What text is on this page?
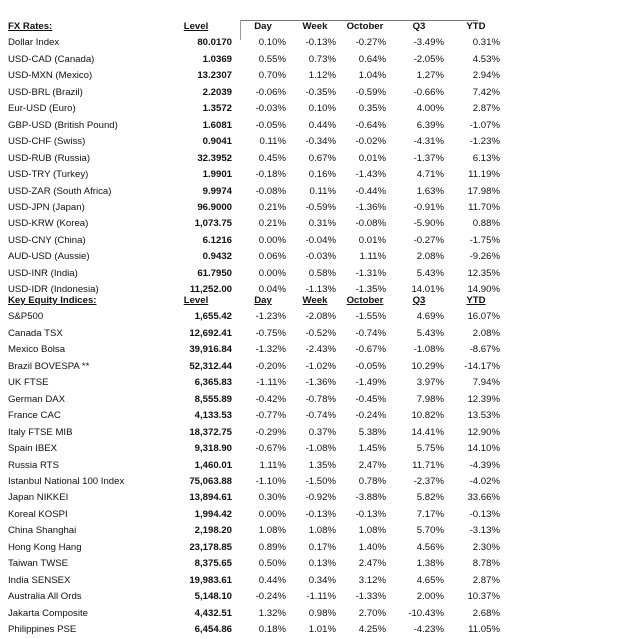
FX Rates:	Level	Day	Week	October	Q3	YTD
Dollar Index	80.0170	0.10%	-0.13%	-0.27%	-3.49%	0.31%
USD-CAD (Canada)	1.0369	0.55%	0.73%	0.64%	-2.05%	4.53%
USD-MXN (Mexico)	13.2307	0.70%	1.12%	1.04%	1.27%	2.94%
USD-BRL (Brazil)	2.2039	-0.06%	-0.35%	-0.59%	-0.66%	7.42%
Eur-USD (Euro)	1.3572	-0.03%	0.10%	0.35%	4.00%	2.87%
GBP-USD (British Pound)	1.6081	-0.05%	0.44%	-0.64%	6.39%	-1.07%
USD-CHF (Swiss)	0.9041	0.11%	-0.34%	-0.02%	-4.31%	-1.23%
USD-RUB (Russia)	32.3952	0.45%	0.67%	0.01%	-1.37%	6.13%
USD-TRY (Turkey)	1.9901	-0.18%	0.16%	-1.43%	4.71%	11.19%
USD-ZAR (South Africa)	9.9974	-0.08%	0.11%	-0.44%	1.63%	17.98%
USD-JPN (Japan)	96.9000	0.21%	-0.59%	-1.36%	-0.91%	11.70%
USD-KRW (Korea)	1,073.75	0.21%	0.31%	-0.08%	-5.90%	0.88%
USD-CNY (China)	6.1216	0.00%	-0.04%	0.01%	-0.27%	-1.75%
AUD-USD (Aussie)	0.9432	0.06%	-0.03%	1.11%	2.08%	-9.26%
USD-INR (India)	61.7950	0.00%	0.58%	-1.31%	5.43%	12.35%
USD-IDR (Indonesia)	11,252.00	0.04%	-1.13%	-1.35%	14.01%	14.90%
Key Equity Indices:	Level	Day	Week	October	Q3	YTD
S&P500	1,655.42	-1.23%	-2.08%	-1.55%	4.69%	16.07%
Canada TSX	12,692.41	-0.75%	-0.52%	-0.74%	5.43%	2.08%
Mexico Bolsa	39,916.84	-1.32%	-2.43%	-0.67%	-1.08%	-8.67%
Brazil BOVESPA **	52,312.44	-0.20%	-1.02%	-0.05%	10.29%	-14.17%
UK FTSE	6,365.83	-1.11%	-1.36%	-1.49%	3.97%	7.94%
German DAX	8,555.89	-0.42%	-0.78%	-0.45%	7.98%	12.39%
France CAC	4,133.53	-0.77%	-0.74%	-0.24%	10.82%	13.53%
Italy FTSE MIB	18,372.75	-0.29%	0.37%	5.38%	14.41%	12.90%
Spain IBEX	9,318.90	-0.67%	-1.08%	1.45%	5.75%	14.10%
Russia RTS	1,460.01	1.11%	1.35%	2.47%	11.71%	-4.39%
Istanbul National 100 Index	75,063.88	-1.10%	-1.50%	0.78%	-2.37%	-4.02%
Japan NIKKEI	13,894.61	0.30%	-0.92%	-3.88%	5.82%	33.66%
Koreal KOSPI	1,994.42	0.00%	-0.13%	-0.13%	7.17%	-0.13%
China Shanghai	2,198.20	1.08%	1.08%	1.08%	5.70%	-3.13%
Hong Kong Hang	23,178.85	0.89%	0.17%	1.40%	4.56%	2.30%
Taiwan TWSE	8,375.65	0.50%	0.13%	2.47%	1.38%	8.78%
India SENSEX	19,983.61	0.44%	0.34%	3.12%	4.65%	2.87%
Australia All Ords	5,148.10	-0.24%	-1.11%	-1.33%	2.00%	10.37%
Jakarta Composite	4,432.51	1.32%	0.98%	2.70%	-10.43%	2.68%
Philippines PSE	6,454.86	0.18%	1.01%	4.25%	-4.23%	11.05%
